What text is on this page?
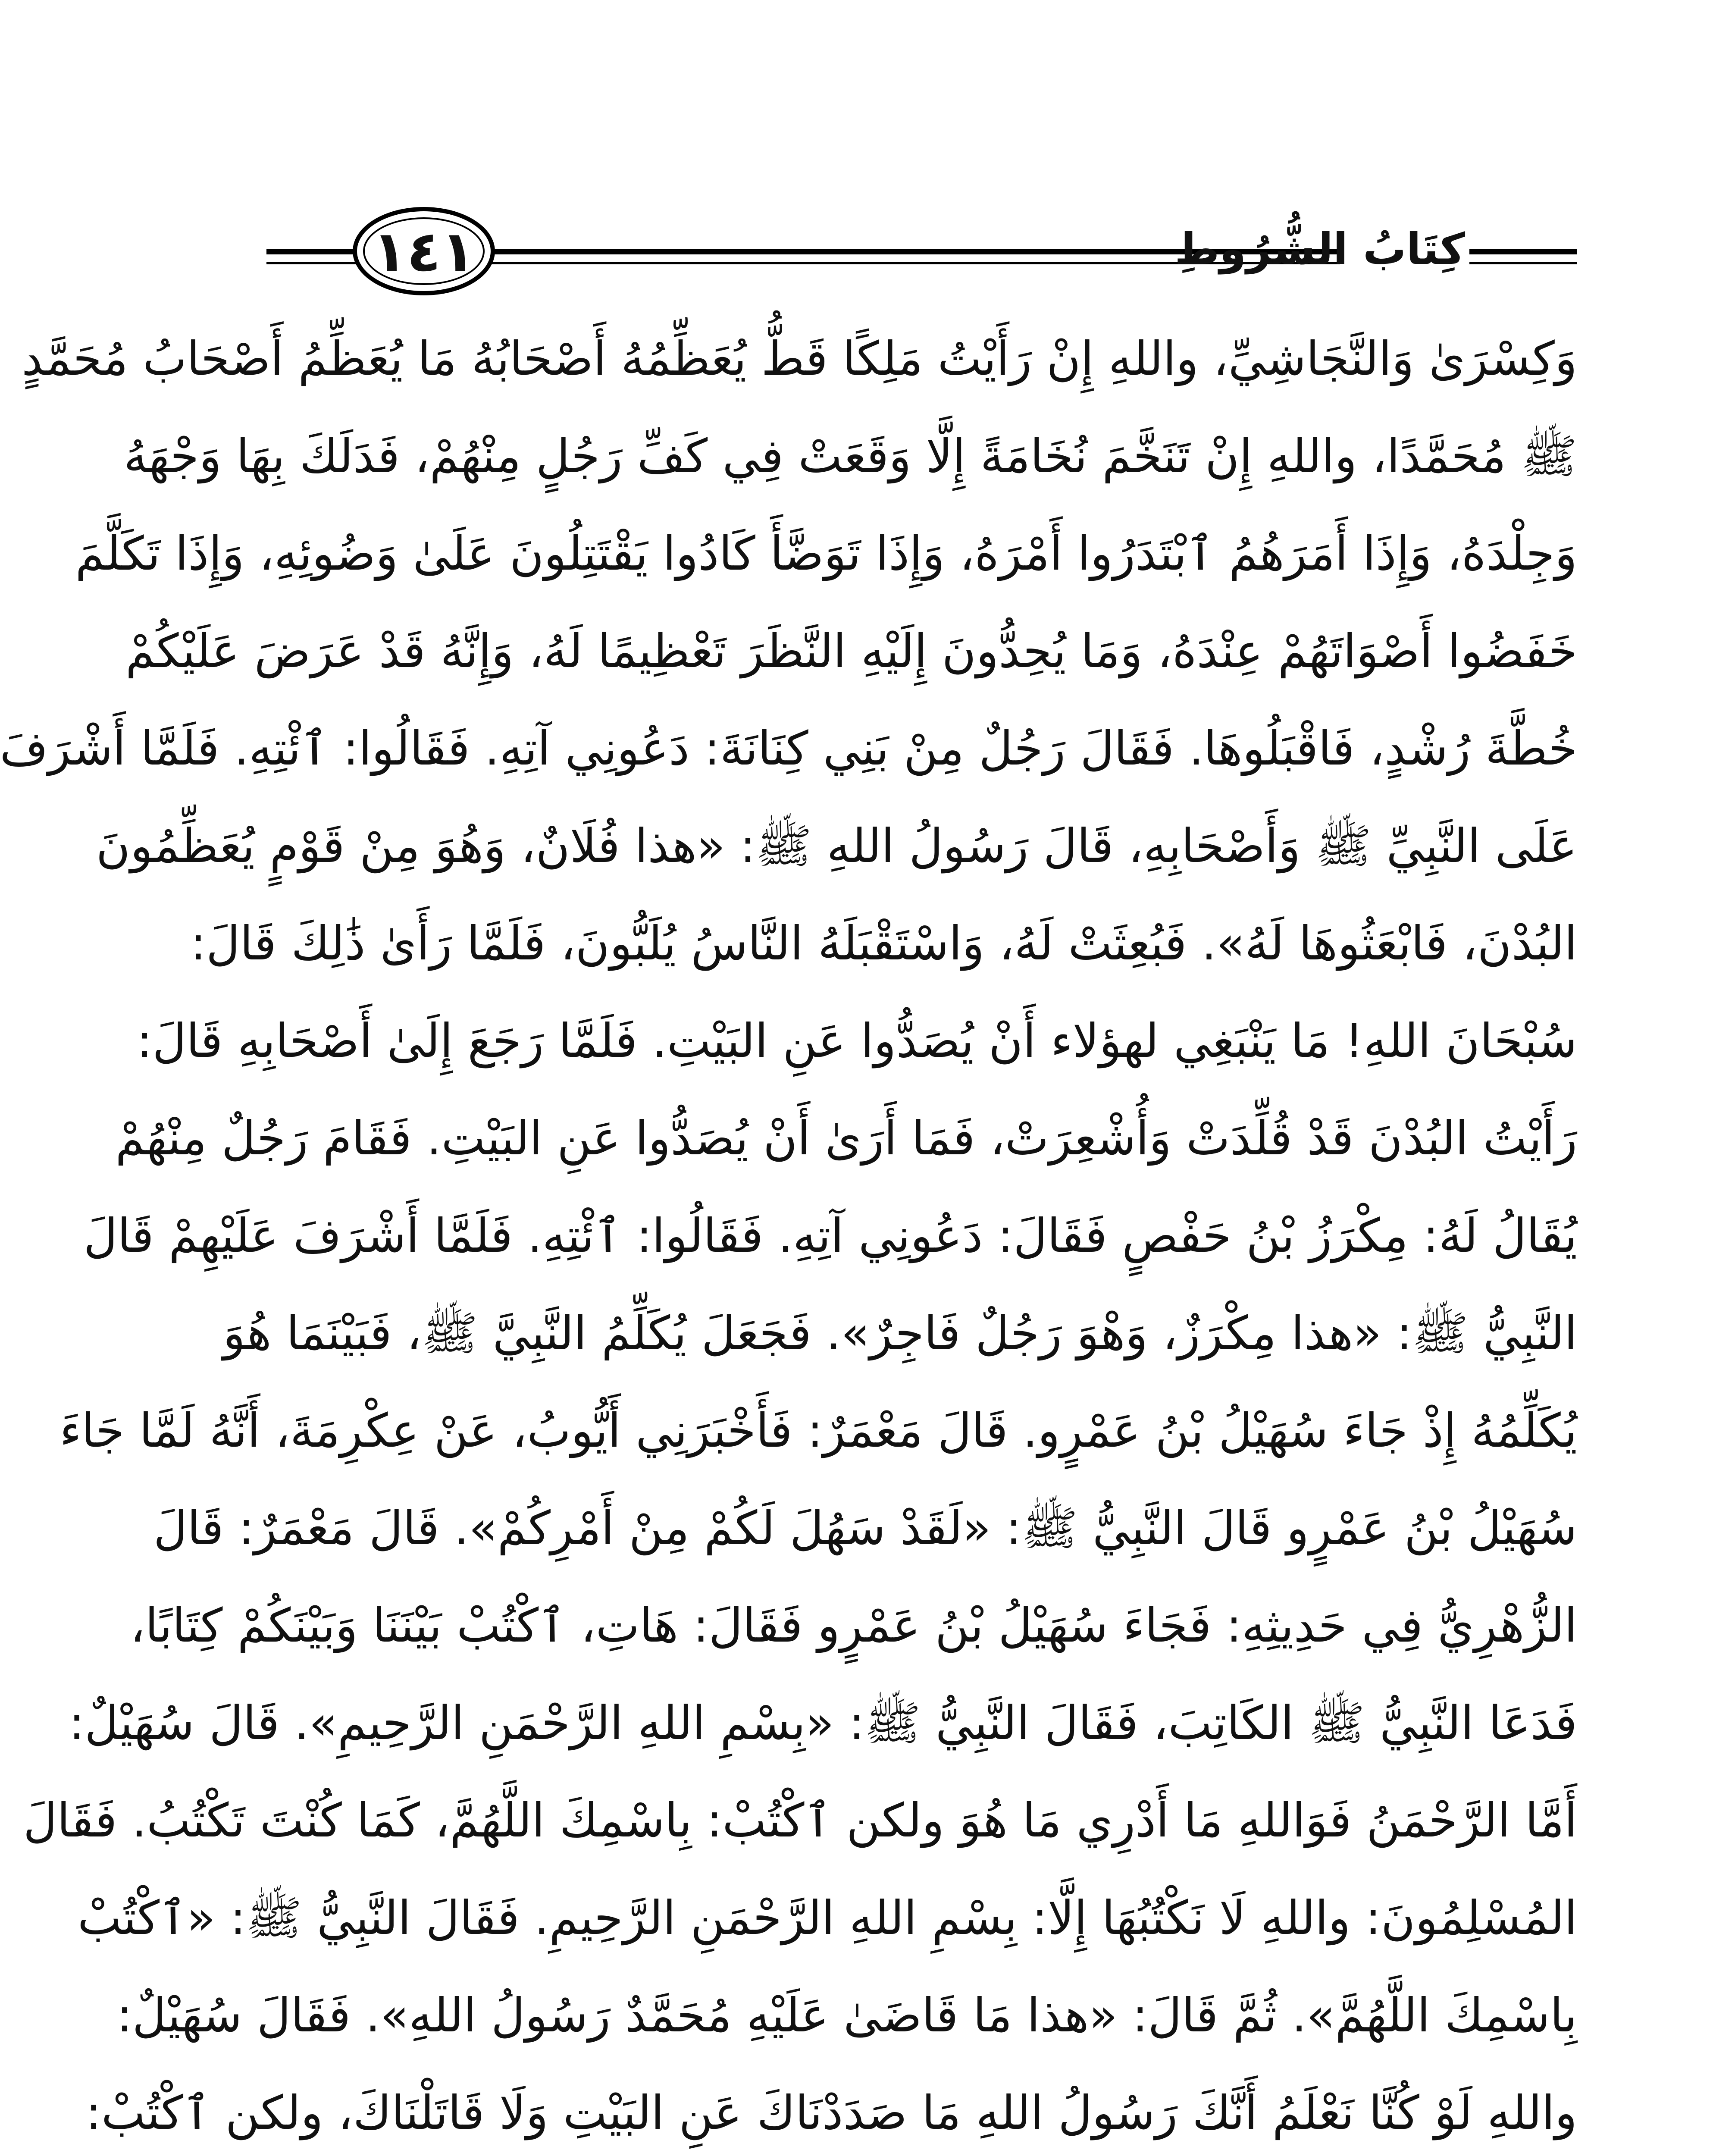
١٤١	كِتَابُ الشُّرُوطِ
وَكِسْرَىٰ وَالنَّجَاشِيِّ، واللهِ إِنْ رَأَيْتُ مَلِكًا قَطُّ يُعَظِّمُهُ أَصْحَابُهُ مَا يُعَظِّمُ أَصْحَابُ مُحَمَّدٍ
ﷺ مُحَمَّدًا، واللهِ إِنْ تَنَخَّمَ نُخَامَةً إِلَّا وَقَعَتْ فِي كَفِّ رَجُلٍ مِنْهُمْ، فَدَلَكَ بِهَا وَجْهَهُ
وَجِلْدَهُ، وَإِذَا أَمَرَهُمُ ٱبْتَدَرُوا أَمْرَهُ، وَإِذَا تَوَضَّأَ كَادُوا يَقْتَتِلُونَ عَلَىٰ وَضُوئِهِ، وَإِذَا تَكَلَّمَ
خَفَضُوا أَصْوَاتَهُمْ عِنْدَهُ، وَمَا يُحِدُّونَ إِلَيْهِ النَّظَرَ تَعْظِيمًا لَهُ، وَإِنَّهُ قَدْ عَرَضَ عَلَيْكُمْ
خُطَّةَ رُشْدٍ، فَاقْبَلُوهَا. فَقَالَ رَجُلٌ مِنْ بَنِي كِنَانَةَ: دَعُونِي آتِهِ. فَقَالُوا: ٱئْتِهِ. فَلَمَّا أَشْرَفَ
عَلَى النَّبِيِّ ﷺ وَأَصْحَابِهِ، قَالَ رَسُولُ اللهِ ﷺ: «هذا فُلَانٌ، وَهُوَ مِنْ قَوْمٍ يُعَظِّمُونَ
البُدْنَ، فَابْعَثُوهَا لَهُ». فَبُعِثَتْ لَهُ، وَاسْتَقْبَلَهُ النَّاسُ يُلَبُّونَ، فَلَمَّا رَأَىٰ ذَٰلِكَ قَالَ:
سُبْحَانَ اللهِ! مَا يَنْبَغِي لهؤلاء أَنْ يُصَدُّوا عَنِ البَيْتِ. فَلَمَّا رَجَعَ إِلَىٰ أَصْحَابِهِ قَالَ:
رَأَيْتُ البُدْنَ قَدْ قُلِّدَتْ وَأُشْعِرَتْ، فَمَا أَرَىٰ أَنْ يُصَدُّوا عَنِ البَيْتِ. فَقَامَ رَجُلٌ مِنْهُمْ
يُقَالُ لَهُ: مِكْرَزُ بْنُ حَفْصٍ فَقَالَ: دَعُونِي آتِهِ. فَقَالُوا: ٱئْتِهِ. فَلَمَّا أَشْرَفَ عَلَيْهِمْ قَالَ
النَّبِيُّ ﷺ: «هذا مِكْرَزٌ، وَهْوَ رَجُلٌ فَاجِرٌ». فَجَعَلَ يُكَلِّمُ النَّبِيَّ ﷺ، فَبَيْنَمَا هُوَ
يُكَلِّمُهُ إِذْ جَاءَ سُهَيْلُ بْنُ عَمْرٍو. قَالَ مَعْمَرٌ: فَأَخْبَرَنِي أَيُّوبُ، عَنْ عِكْرِمَةَ، أَنَّهُ لَمَّا جَاءَ
سُهَيْلُ بْنُ عَمْرٍو قَالَ النَّبِيُّ ﷺ: «لَقَدْ سَهُلَ لَكُمْ مِنْ أَمْرِكُمْ». قَالَ مَعْمَرٌ: قَالَ
الزُّهْرِيُّ فِي حَدِيثِهِ: فَجَاءَ سُهَيْلُ بْنُ عَمْرٍو فَقَالَ: هَاتِ، ٱكْتُبْ بَيْنَنَا وَبَيْنَكُمْ كِتَابًا،
فَدَعَا النَّبِيُّ ﷺ الكَاتِبَ، فَقَالَ النَّبِيُّ ﷺ: «بِسْمِ اللهِ الرَّحْمَنِ الرَّحِيمِ». قَالَ سُهَيْلٌ:
أَمَّا الرَّحْمَنُ فَوَاللهِ مَا أَدْرِي مَا هُوَ ولكن ٱكْتُبْ: بِاسْمِكَ اللَّهُمَّ، كَمَا كُنْتَ تَكْتُبُ. فَقَالَ
المُسْلِمُونَ: واللهِ لَا نَكْتُبُهَا إِلَّا: بِسْمِ اللهِ الرَّحْمَنِ الرَّحِيمِ. فَقَالَ النَّبِيُّ ﷺ: «ٱكْتُبْ
بِاسْمِكَ اللَّهُمَّ». ثُمَّ قَالَ: «هذا مَا قَاضَىٰ عَلَيْهِ مُحَمَّدٌ رَسُولُ اللهِ». فَقَالَ سُهَيْلٌ:
واللهِ لَوْ كُنَّا نَعْلَمُ أَنَّكَ رَسُولُ اللهِ مَا صَدَدْنَاكَ عَنِ البَيْتِ وَلَا قَاتَلْنَاكَ، ولكن ٱكْتُبْ:
